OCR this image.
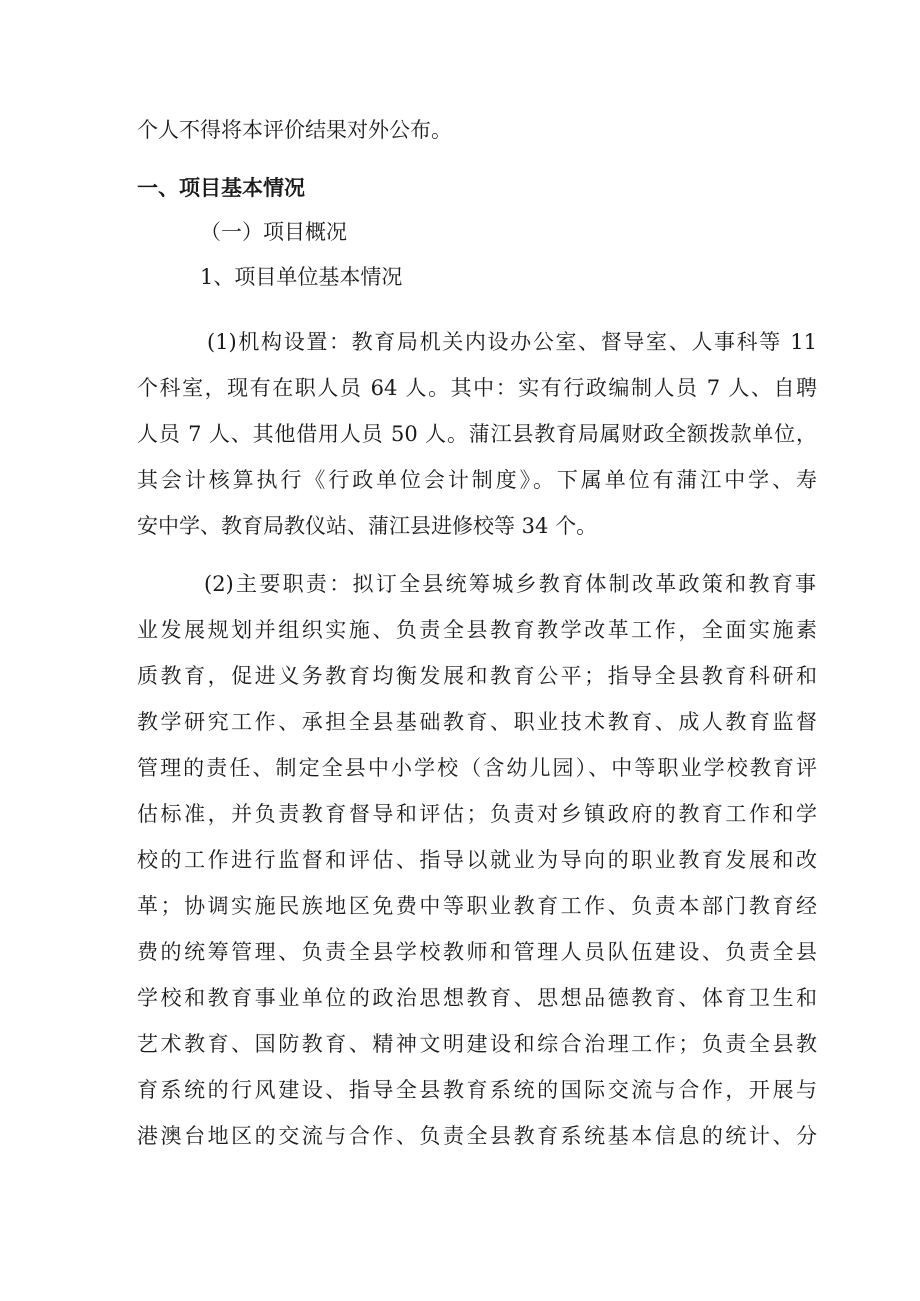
个人不得将本评价结果对外公布。

一、项目基本情况

（一）项目概况

1、项目单位基本情况

(1)机构设置：教育局机关内设办公室、督导室、人事科等 11

个科室，现有在职人员 64 人。其中：实有行政编制人员 7 人、自聘

人员 7 人、其他借用人员 50 人。蒲江县教育局属财政全额拨款单位，

其会计核算执行《行政单位会计制度》。下属单位有蒲江中学、寿

安中学、教育局教仪站、蒲江县进修校等 34 个。

(2)主要职责：拟订全县统筹城乡教育体制改革政策和教育事

业发展规划并组织实施、负责全县教育教学改革工作，全面实施素

质教育，促进义务教育均衡发展和教育公平；指导全县教育科研和

教学研究工作、承担全县基础教育、职业技术教育、成人教育监督

管理的责任、制定全县中小学校（含幼儿园）、中等职业学校教育评

估标准，并负责教育督导和评估；负责对乡镇政府的教育工作和学

校的工作进行监督和评估、指导以就业为导向的职业教育发展和改

革；协调实施民族地区免费中等职业教育工作、负责本部门教育经

费的统筹管理、负责全县学校教师和管理人员队伍建设、负责全县

学校和教育事业单位的政治思想教育、思想品德教育、体育卫生和

艺术教育、国防教育、精神文明建设和综合治理工作；负责全县教

育系统的行风建设、指导全县教育系统的国际交流与合作，开展与

港澳台地区的交流与合作、负责全县教育系统基本信息的统计、分
